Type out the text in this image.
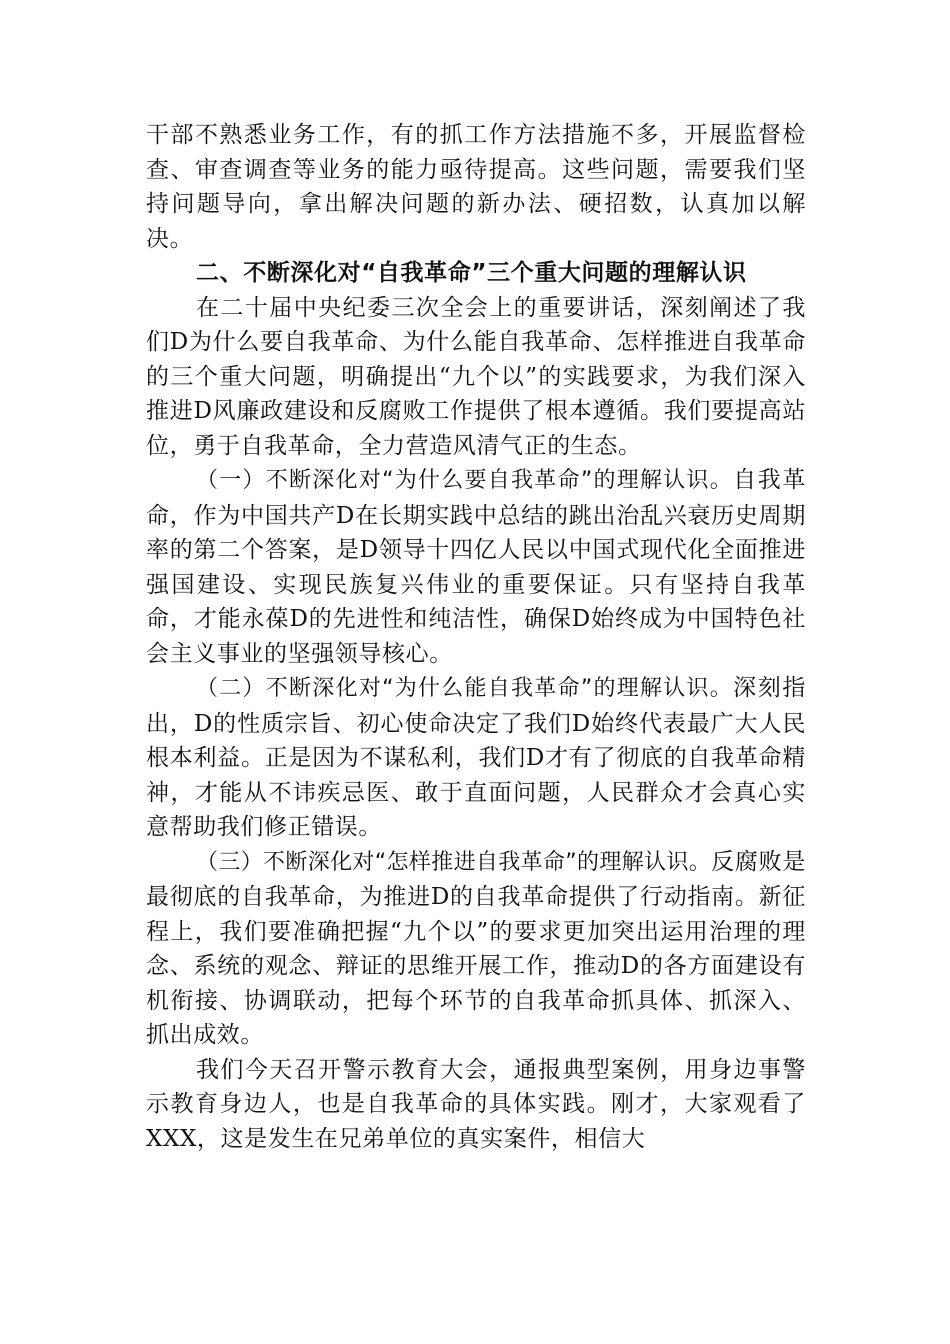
干部不熟悉业务工作，有的抓工作方法措施不多，开展监督检查、审查调查等业务的能力亟待提高。这些问题，需要我们坚持问题导向，拿出解决问题的新办法、硬招数，认真加以解决。

二、不断深化对“自我革命”三个重大问题的理解认识

在二十届中央纪委三次全会上的重要讲话，深刻阐述了我们D为什么要自我革命、为什么能自我革命、怎样推进自我革命的三个重大问题，明确提出“九个以”的实践要求，为我们深入推进D风廉政建设和反腐败工作提供了根本遵循。我们要提高站位，勇于自我革命，全力营造风清气正的生态。

（一）不断深化对“为什么要自我革命”的理解认识。自我革命，作为中国共产D在长期实践中总结的跳出治乱兴衰历史周期率的第二个答案，是D领导十四亿人民以中国式现代化全面推进强国建设、实现民族复兴伟业的重要保证。只有坚持自我革命，才能永葆D的先进性和纯洁性，确保D始终成为中国特色社会主义事业的坚强领导核心。

（二）不断深化对“为什么能自我革命”的理解认识。深刻指出，D的性质宗旨、初心使命决定了我们D始终代表最广大人民根本利益。正是因为不谋私利，我们D才有了彻底的自我革命精神，才能从不讳疾忌医、敢于直面问题，人民群众才会真心实意帮助我们修正错误。

（三）不断深化对“怎样推进自我革命”的理解认识。反腐败是最彻底的自我革命，为推进D的自我革命提供了行动指南。新征程上，我们要准确把握“九个以”的要求更加突出运用治理的理念、系统的观念、辩证的思维开展工作，推动D的各方面建设有机衔接、协调联动，把每个环节的自我革命抓具体、抓深入、抓出成效。

我们今天召开警示教育大会，通报典型案例，用身边事警示教育身边人，也是自我革命的具体实践。刚才，大家观看了XXX，这是发生在兄弟单位的真实案件，相信大
